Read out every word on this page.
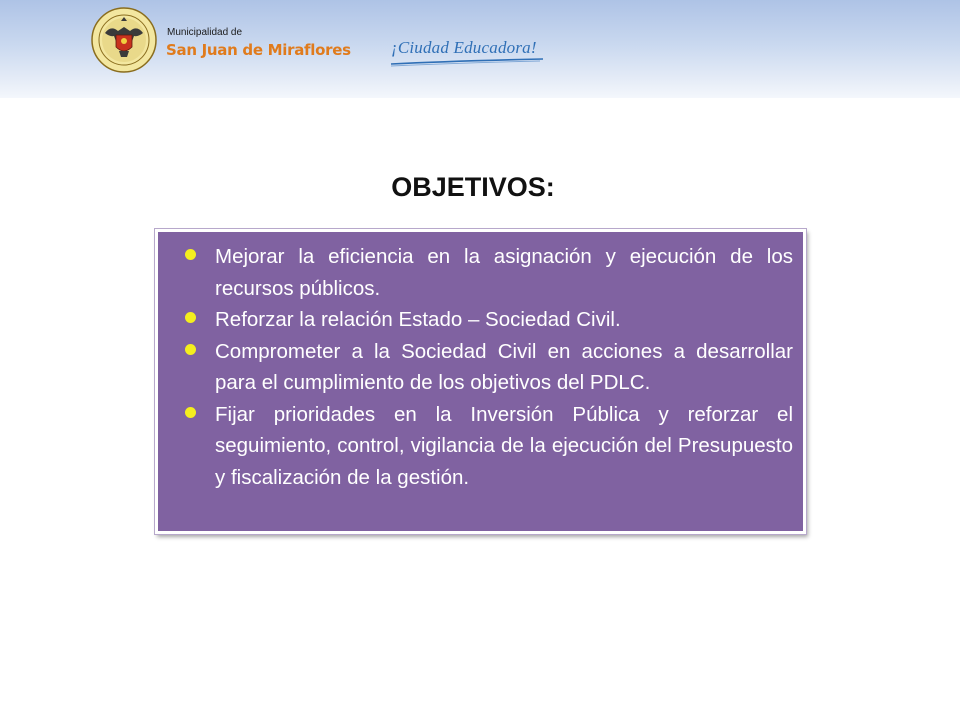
Municipalidad de
San Juan de Miraflores ¡Ciudad Educadora!
OBJETIVOS:
Mejorar la eficiencia en la asignación y ejecución de los recursos públicos.
Reforzar la relación Estado – Sociedad Civil.
Comprometer a la Sociedad Civil en acciones a desarrollar para el cumplimiento de los objetivos del PDLC.
Fijar prioridades en la Inversión Pública y reforzar el seguimiento, control, vigilancia de la ejecución del Presupuesto y fiscalización de la gestión.
